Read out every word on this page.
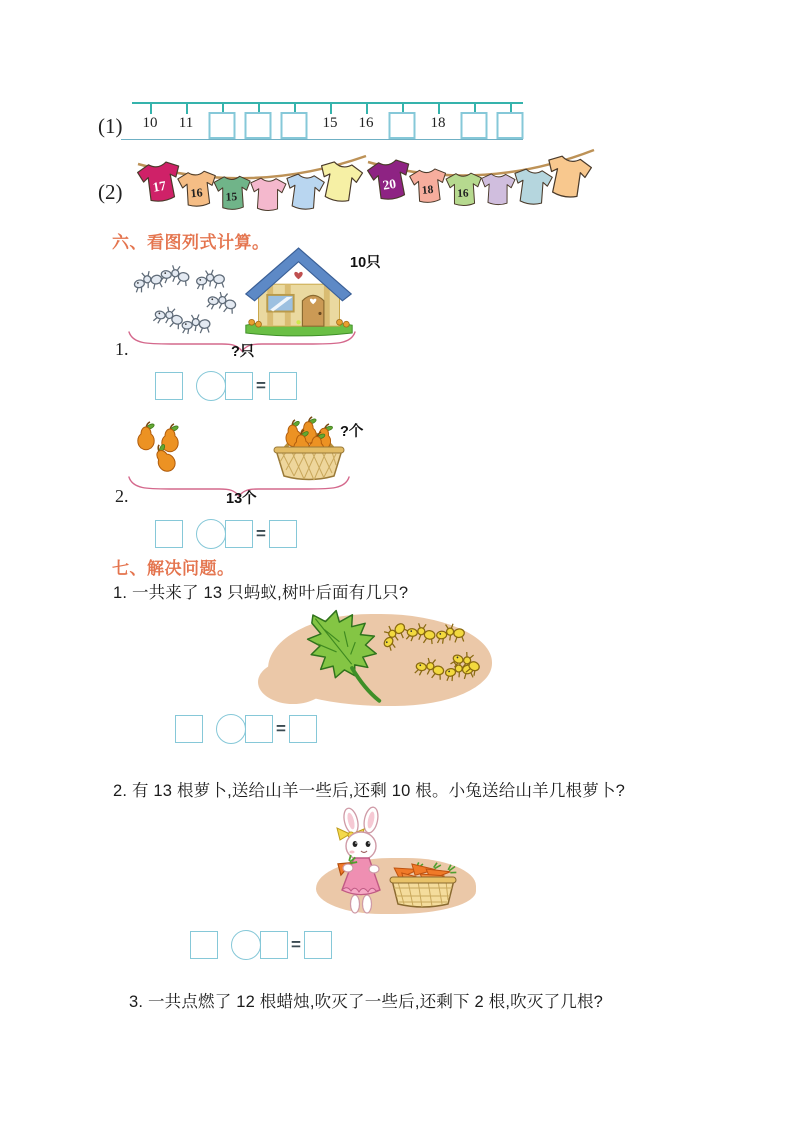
10 11	15 16	18
(1)
(2) 17 16 15
20 18 16
六、看图列式计算。
10只
?只
1.
=
?个
13个
2.
=
七、解决问题。
1. 一共来了 13 只蚂蚁,树叶后面有几只?
=
2. 有 13 根萝卜,送给山羊一些后,还剩 10 根。小兔送给山羊几根萝卜?
=
3. 一共点燃了 12 根蜡烛,吹灭了一些后,还剩下 2 根,吹灭了几根?
